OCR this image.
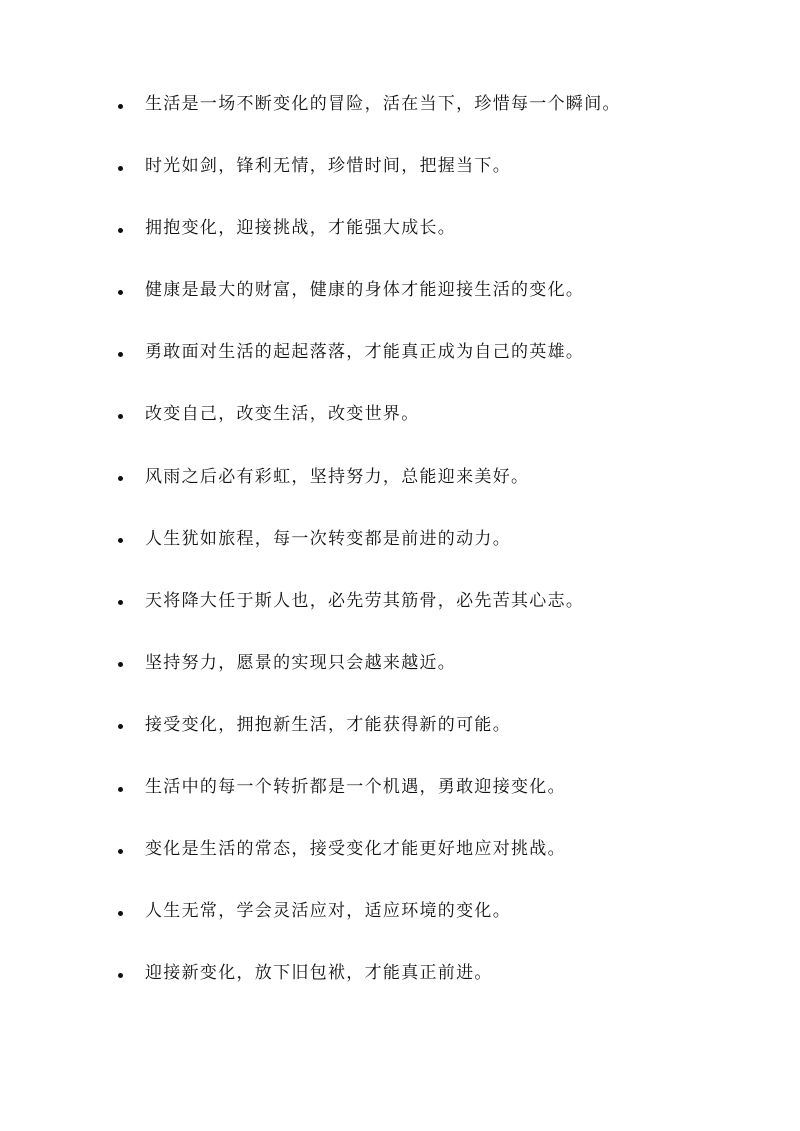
生活是一场不断变化的冒险，活在当下，珍惜每一个瞬间。
时光如剑，锋利无情，珍惜时间，把握当下。
拥抱变化，迎接挑战，才能强大成长。
健康是最大的财富，健康的身体才能迎接生活的变化。
勇敢面对生活的起起落落，才能真正成为自己的英雄。
改变自己，改变生活，改变世界。
风雨之后必有彩虹，坚持努力，总能迎来美好。
人生犹如旅程，每一次转变都是前进的动力。
天将降大任于斯人也，必先劳其筋骨，必先苦其心志。
坚持努力，愿景的实现只会越来越近。
接受变化，拥抱新生活，才能获得新的可能。
生活中的每一个转折都是一个机遇，勇敢迎接变化。
变化是生活的常态，接受变化才能更好地应对挑战。
人生无常，学会灵活应对，适应环境的变化。
迎接新变化，放下旧包袱，才能真正前进。
